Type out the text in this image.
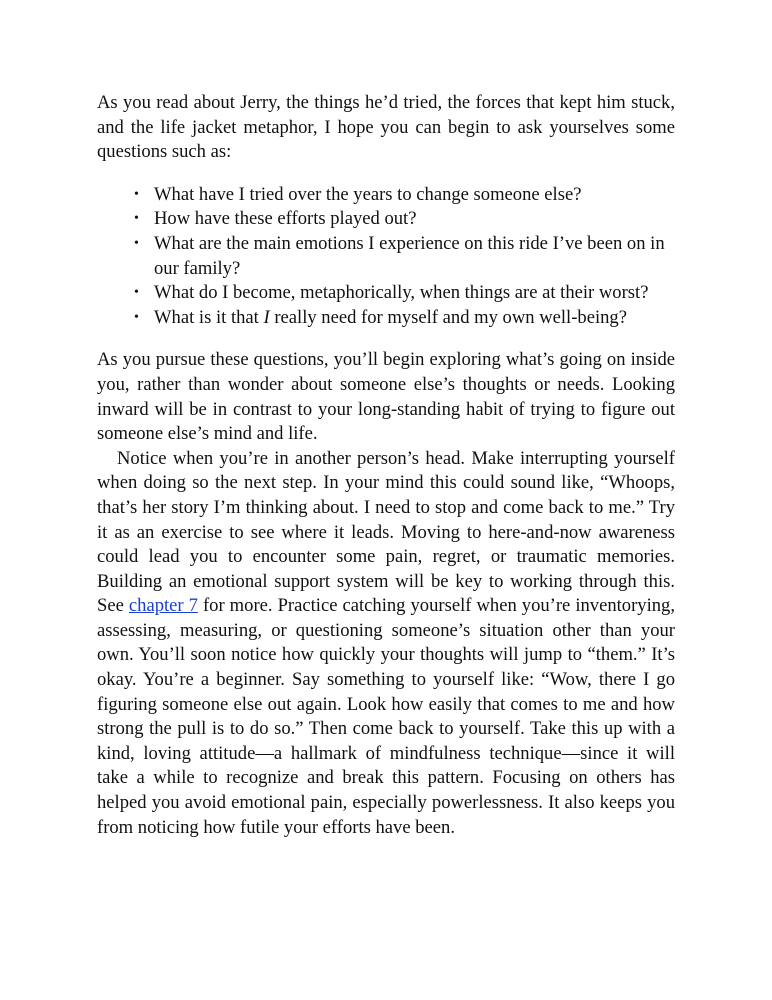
As you read about Jerry, the things he’d tried, the forces that kept him stuck, and the life jacket metaphor, I hope you can begin to ask yourselves some questions such as:

• What have I tried over the years to change someone else?
• How have these efforts played out?
• What are the main emotions I experience on this ride I’ve been on in our family?
• What do I become, metaphorically, when things are at their worst?
• What is it that I really need for myself and my own well-being?

As you pursue these questions, you’ll begin exploring what’s going on inside you, rather than wonder about someone else’s thoughts or needs. Looking inward will be in contrast to your long-standing habit of trying to figure out someone else’s mind and life.

Notice when you’re in another person’s head. Make interrupting yourself when doing so the next step. In your mind this could sound like, “Whoops, that’s her story I’m thinking about. I need to stop and come back to me.” Try it as an exercise to see where it leads. Moving to here-and-now awareness could lead you to encounter some pain, regret, or traumatic memories. Building an emotional support system will be key to working through this. See chapter 7 for more. Practice catching yourself when you’re inventorying, assessing, measuring, or questioning someone’s situation other than your own. You’ll soon notice how quickly your thoughts will jump to “them.” It’s okay. You’re a beginner. Say something to yourself like: “Wow, there I go figuring someone else out again. Look how easily that comes to me and how strong the pull is to do so.” Then come back to yourself. Take this up with a kind, loving attitude—a hallmark of mindfulness technique—since it will take a while to recognize and break this pattern. Focusing on others has helped you avoid emotional pain, especially powerlessness. It also keeps you from noticing how futile your efforts have been.
